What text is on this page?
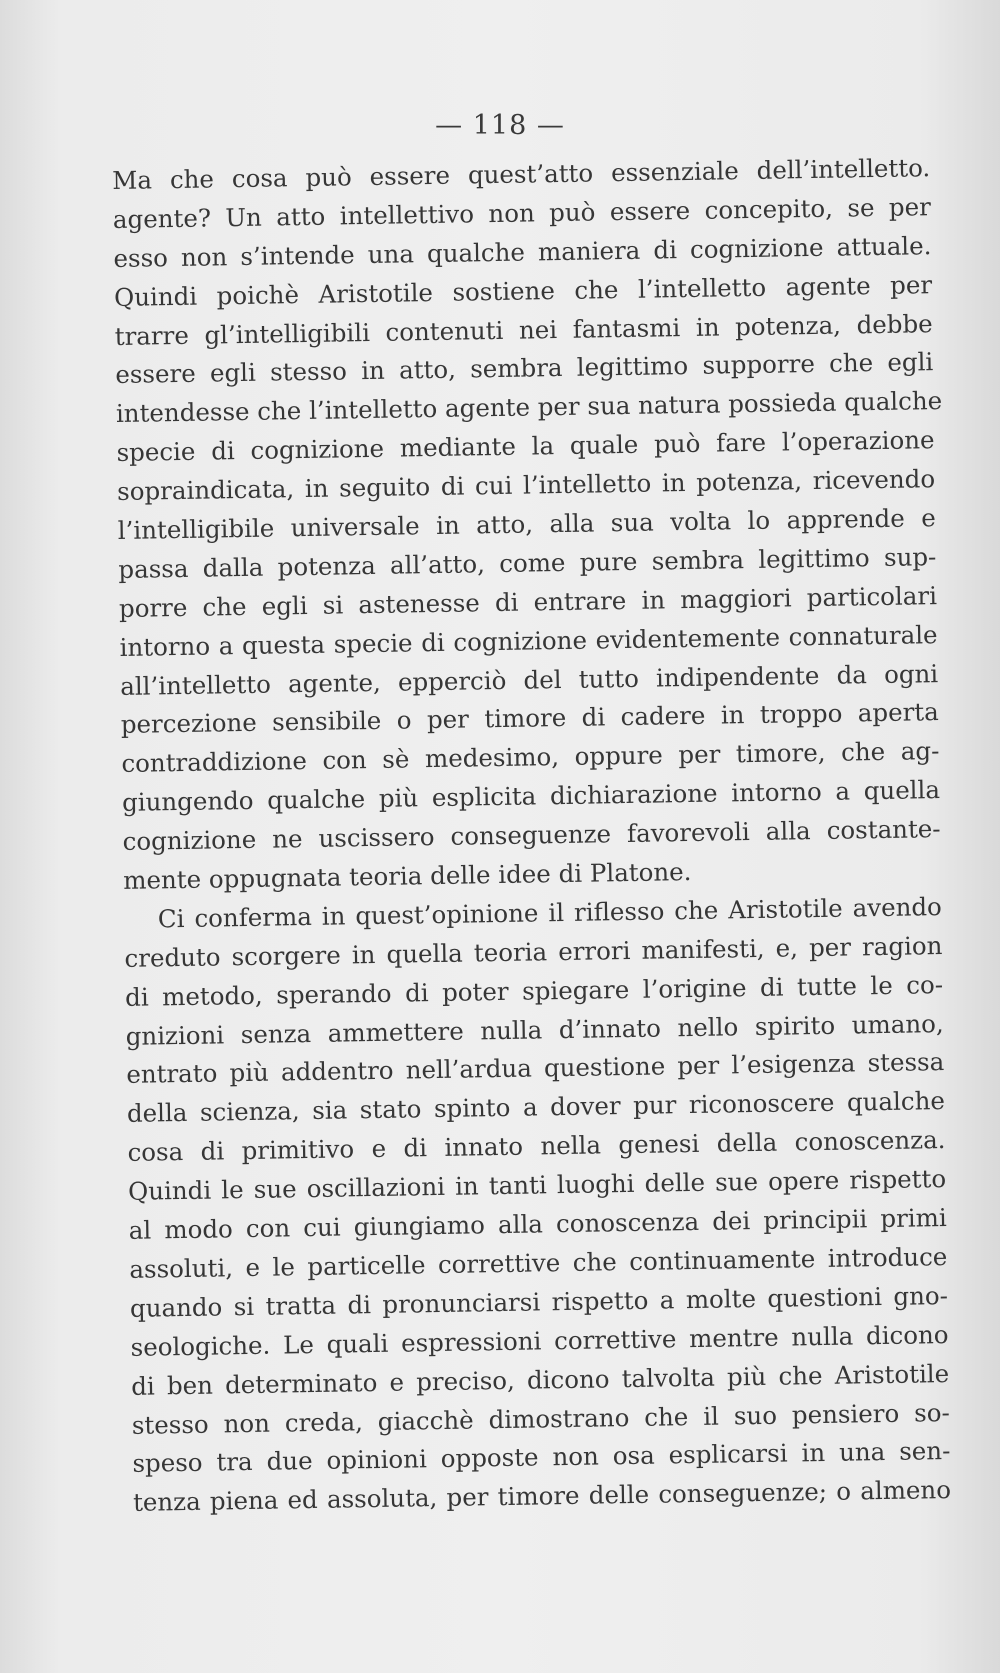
— 118 —
Ma che cosa può essere quest’atto essenziale dell’intelletto.
agente? Un atto intellettivo non può essere concepito, se per
esso non s’intende una qualche maniera di cognizione attuale.
Quindi poichè Aristotile sostiene che l’intelletto agente per
trarre gl’intelligibili contenuti nei fantasmi in potenza, debbe
essere egli stesso in atto, sembra legittimo supporre che egli
intendesse che l’intelletto agente per sua natura possieda qualche
specie di cognizione mediante la quale può fare l’operazione
sopraindicata, in seguito di cui l’intelletto in potenza, ricevendo
l’intelligibile universale in atto, alla sua volta lo apprende e
passa dalla potenza all’atto, come pure sembra legittimo sup-
porre che egli si astenesse di entrare in maggiori particolari
intorno a questa specie di cognizione evidentemente connaturale
all’intelletto agente, epperciò del tutto indipendente da ogni
percezione sensibile o per timore di cadere in troppo aperta
contraddizione con sè medesimo, oppure per timore, che ag-
giungendo qualche più esplicita dichiarazione intorno a quella
cognizione ne uscissero conseguenze favorevoli alla costante-
mente oppugnata teoria delle idee di Platone.
Ci conferma in quest’opinione il riflesso che Aristotile avendo
creduto scorgere in quella teoria errori manifesti, e, per ragion
di metodo, sperando di poter spiegare l’origine di tutte le co-
gnizioni senza ammettere nulla d’innato nello spirito umano,
entrato più addentro nell’ardua questione per l’esigenza stessa
della scienza, sia stato spinto a dover pur riconoscere qualche
cosa di primitivo e di innato nella genesi della conoscenza.
Quindi le sue oscillazioni in tanti luoghi delle sue opere rispetto
al modo con cui giungiamo alla conoscenza dei principii primi
assoluti, e le particelle correttive che continuamente introduce
quando si tratta di pronunciarsi rispetto a molte questioni gno-
seologiche. Le quali espressioni correttive mentre nulla dicono
di ben determinato e preciso, dicono talvolta più che Aristotile
stesso non creda, giacchè dimostrano che il suo pensiero so-
speso tra due opinioni opposte non osa esplicarsi in una sen-
tenza piena ed assoluta, per timore delle conseguenze; o almeno
